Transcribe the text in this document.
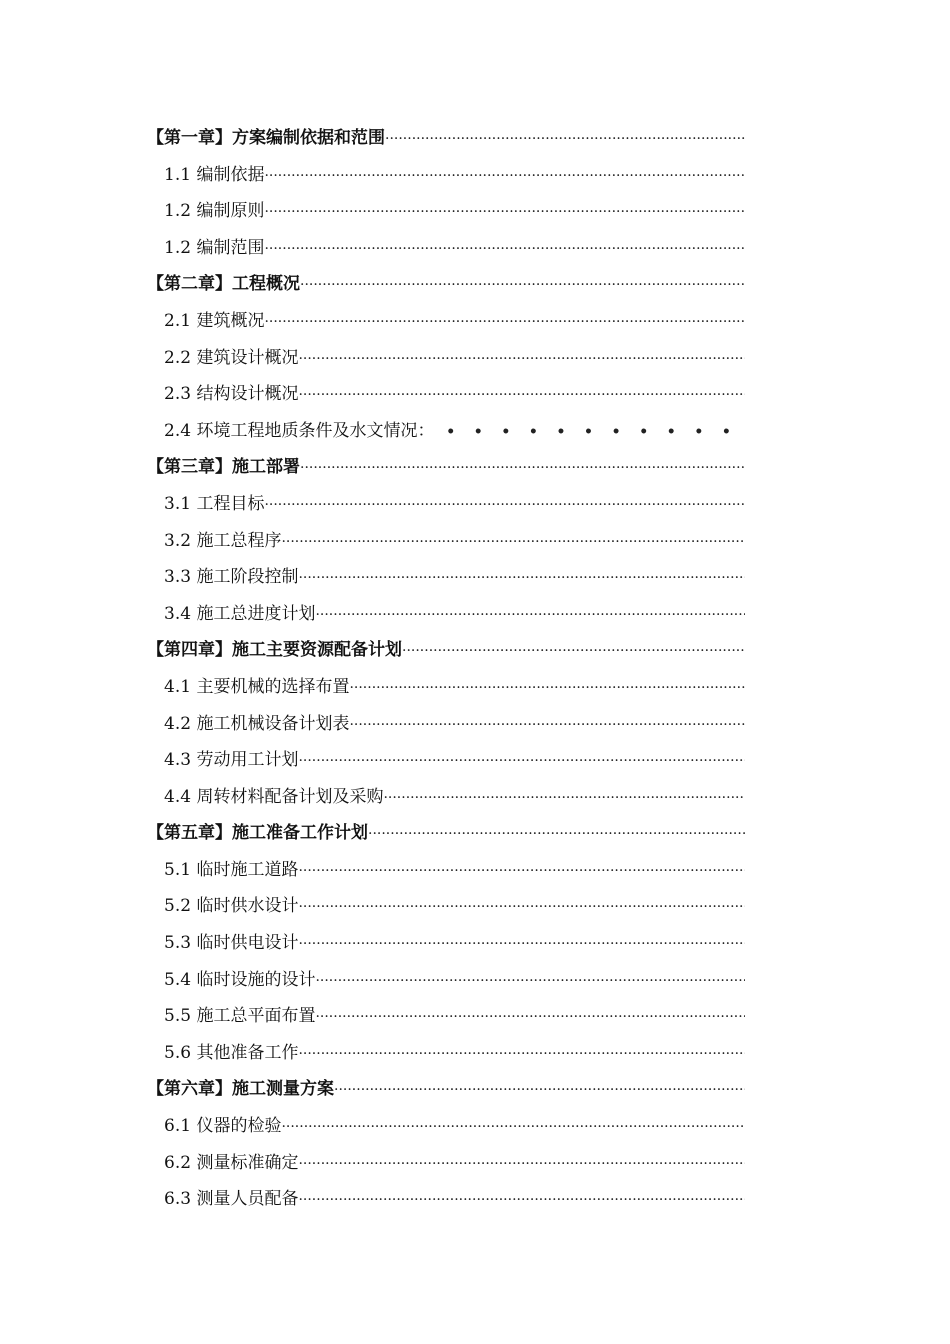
【第一章】方案编制依据和范围
·····
1.1 编制依据
·····
1.2 编制原则
·····
1.2 编制范围
·····
【第二章】工程概况
·····
2.1 建筑概况
·····
2.2 建筑设计概况
·····
2.3 结构设计概况
·····
2.4 环境工程地质条件及水文情况：
• •
【第三章】施工部署
·····
3.1 工程目标
·····
3.2 施工总程序
·····
3.3 施工阶段控制
·····
3.4 施工总进度计划
·····
【第四章】施工主要资源配备计划
·····
4.1 主要机械的选择布置
·····
4.2 施工机械设备计划表
·····
4.3 劳动用工计划
·····
4.4 周转材料配备计划及采购
·····
【第五章】施工准备工作计划
·····
5.1 临时施工道路
·····
5.2 临时供水设计
·····
5.3 临时供电设计
·····
5.4 临时设施的设计
·····
5.5 施工总平面布置
·····
5.6 其他准备工作
·····
【第六章】施工测量方案
·····
6.1 仪器的检验
·····
6.2 测量标准确定
·····
6.3 测量人员配备
·····
